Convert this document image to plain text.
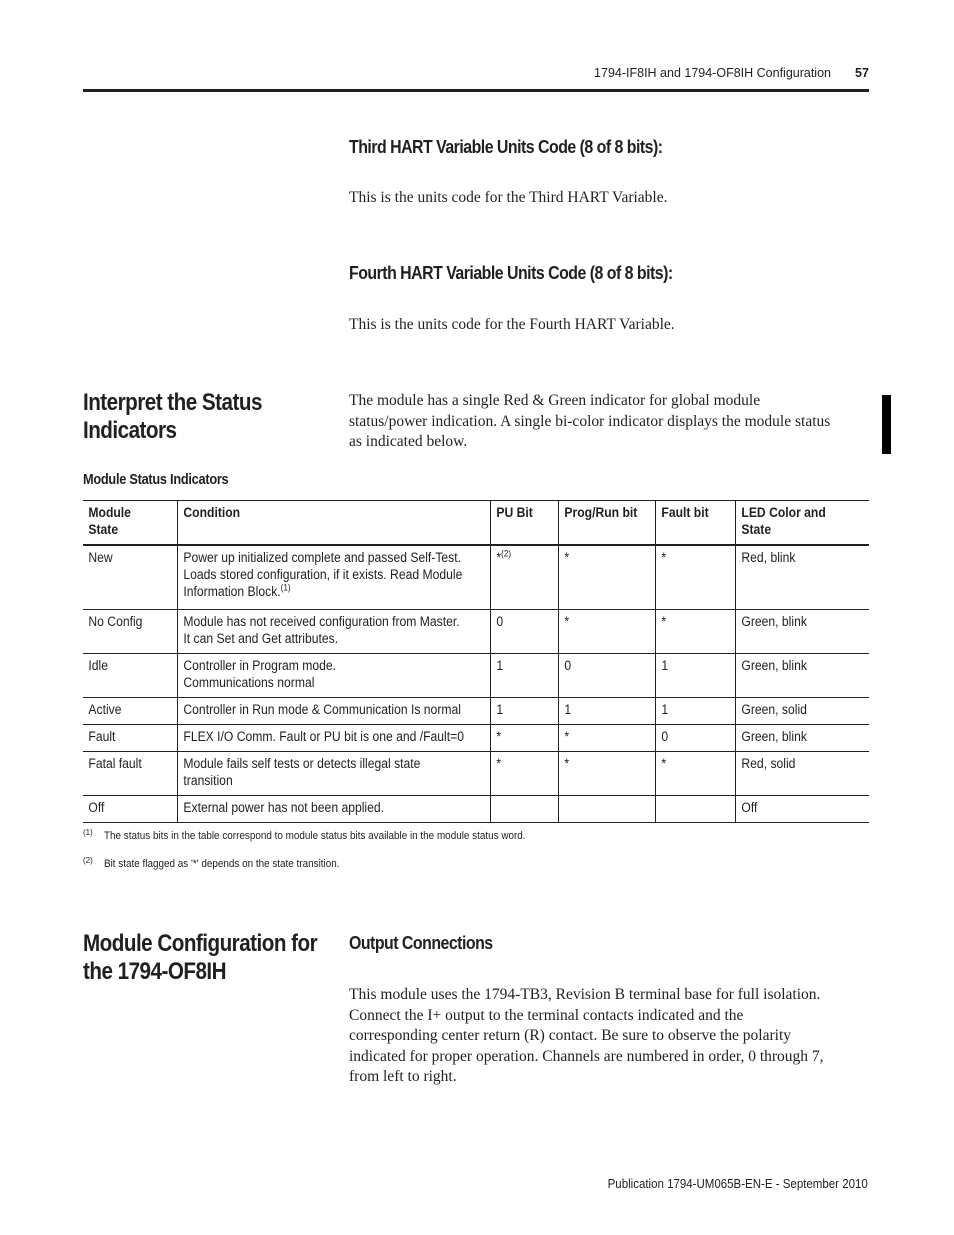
1794-IF8IH and 1794-OF8IH Configuration 57
Third HART Variable Units Code (8 of 8 bits):
This is the units code for the Third HART Variable.
Fourth HART Variable Units Code (8 of 8 bits):
This is the units code for the Fourth HART Variable.
Interpret the Status
Indicators
The module has a single Red & Green indicator for global module
status/power indication. A single bi-color indicator displays the module status
as indicated below.
Module Status Indicators
Module
State	Condition	PU Bit	Prog/Run bit	Fault bit	LED Color and
State

New	Power up initialized complete and passed Self-Test.
Loads stored configuration, if it exists. Read Module
Information Block.$^{(1)}$	*$^{(2)}$	*	*	Red, blink

No Config	Module has not received configuration from Master.
It can Set and Get attributes.	0	*	*	Green, blink

Idle	Controller in Program mode.
Communications normal	1	0	1	Green, blink

Active	Controller in Run mode & Communication Is normal	1	1	1	Green, solid

Fault	FLEX I/O Comm. Fault or PU bit is one and /Fault=0	*	*	0	Green, blink

Fatal fault	Module fails self tests or detects illegal state
transition	*	*	*	Red, solid

Off	External power has not been applied.				Off
(1) The status bits in the table correspond to module status bits available in the module status word.
(2) Bit state flagged as '*' depends on the state transition.
Module Configuration for
the 1794-OF8IH
Output Connections
This module uses the 1794-TB3, Revision B terminal base for full isolation.
Connect the I+ output to the terminal contacts indicated and the
corresponding center return (R) contact. Be sure to observe the polarity
indicated for proper operation. Channels are numbered in order, 0 through 7,
from left to right.
Publication 1794-UM065B-EN-E - September 2010
